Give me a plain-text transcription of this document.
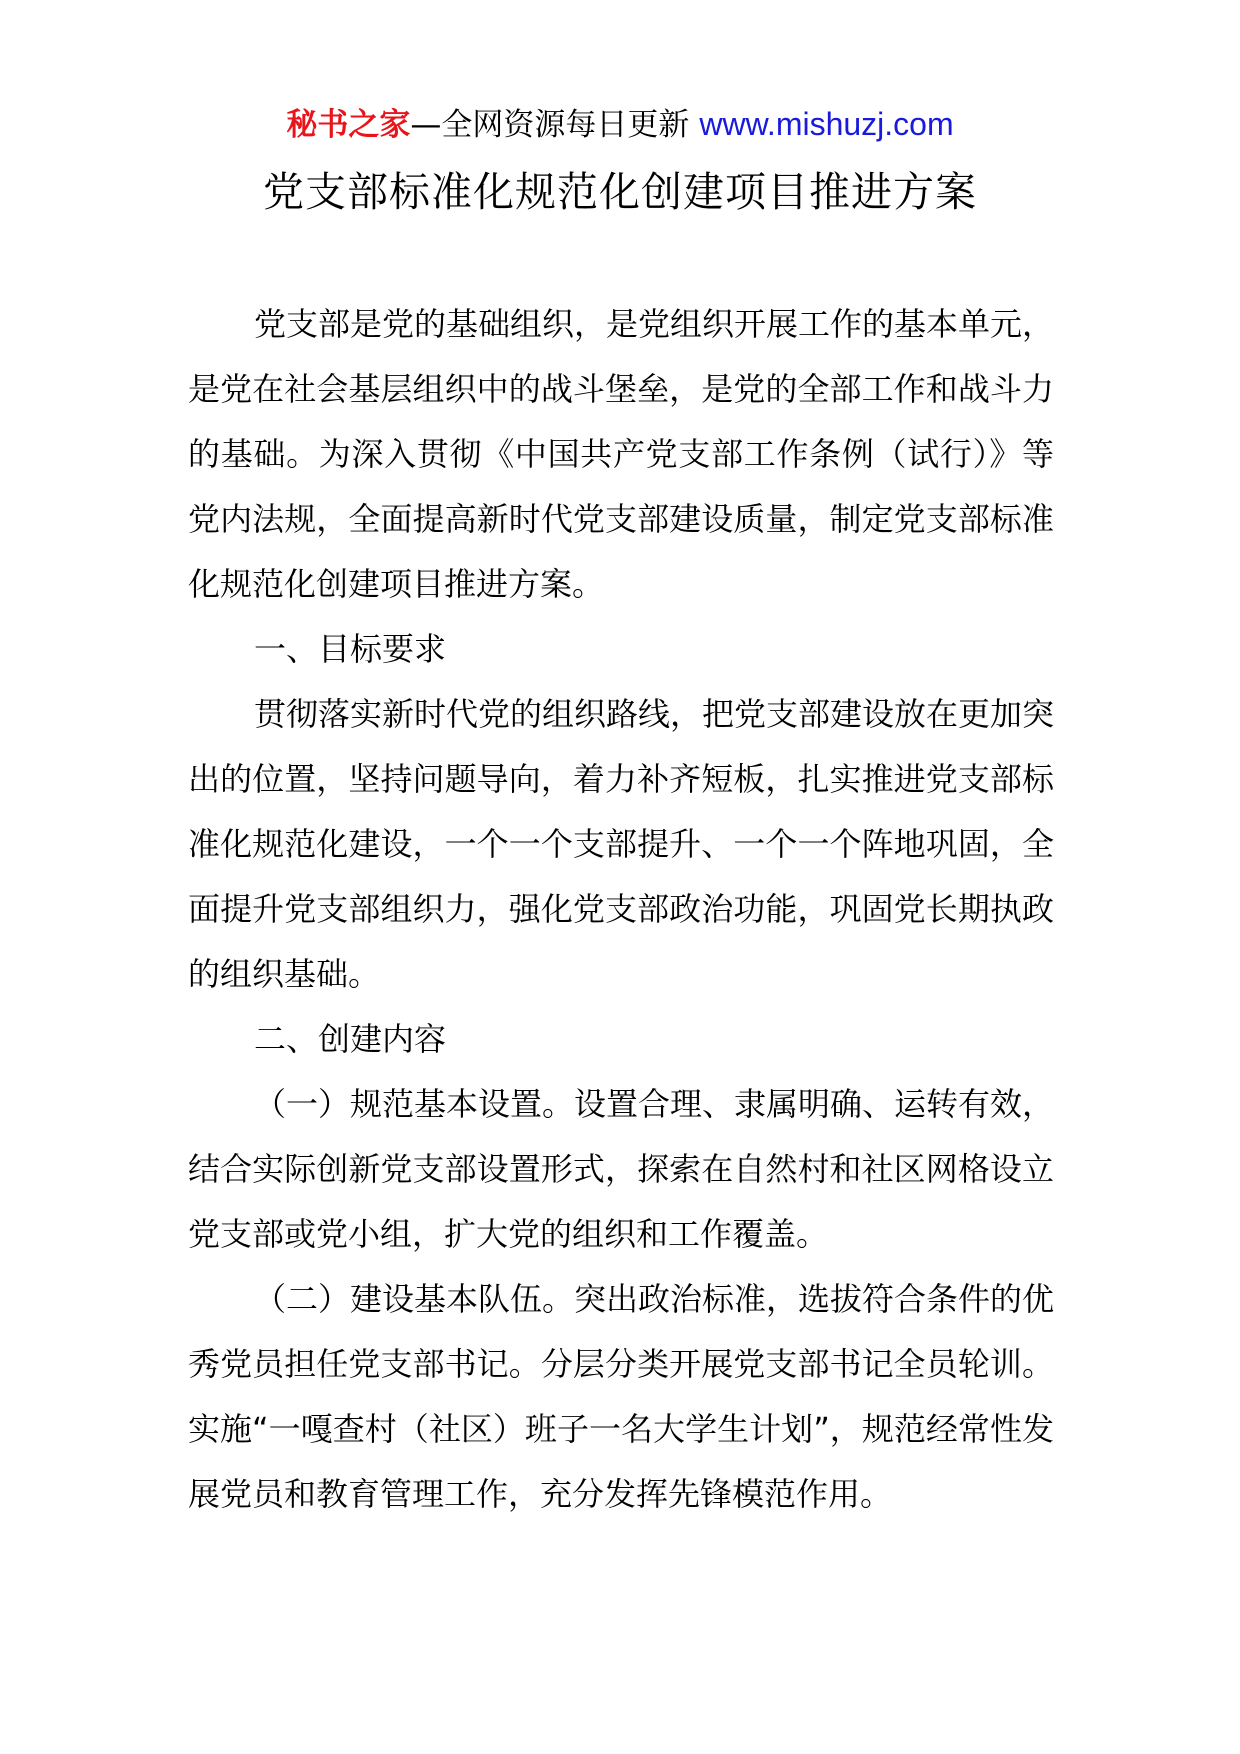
秘书之家—全网资源每日更新 www.mishuzj.com
党支部标准化规范化创建项目推进方案

党支部是党的基础组织，是党组织开展工作的基本单元，是党在社会基层组织中的战斗堡垒，是党的全部工作和战斗力的基础。为深入贯彻《中国共产党支部工作条例（试行）》等党内法规，全面提高新时代党支部建设质量，制定党支部标准化规范化创建项目推进方案。

一、目标要求

贯彻落实新时代党的组织路线，把党支部建设放在更加突出的位置，坚持问题导向，着力补齐短板，扎实推进党支部标准化规范化建设，一个一个支部提升、一个一个阵地巩固，全面提升党支部组织力，强化党支部政治功能，巩固党长期执政的组织基础。

二、创建内容

（一）规范基本设置。设置合理、隶属明确、运转有效，结合实际创新党支部设置形式，探索在自然村和社区网格设立党支部或党小组，扩大党的组织和工作覆盖。

（二）建设基本队伍。突出政治标准，选拔符合条件的优秀党员担任党支部书记。分层分类开展党支部书记全员轮训。实施“一嘎查村（社区）班子一名大学生计划”，规范经常性发展党员和教育管理工作，充分发挥先锋模范作用。
